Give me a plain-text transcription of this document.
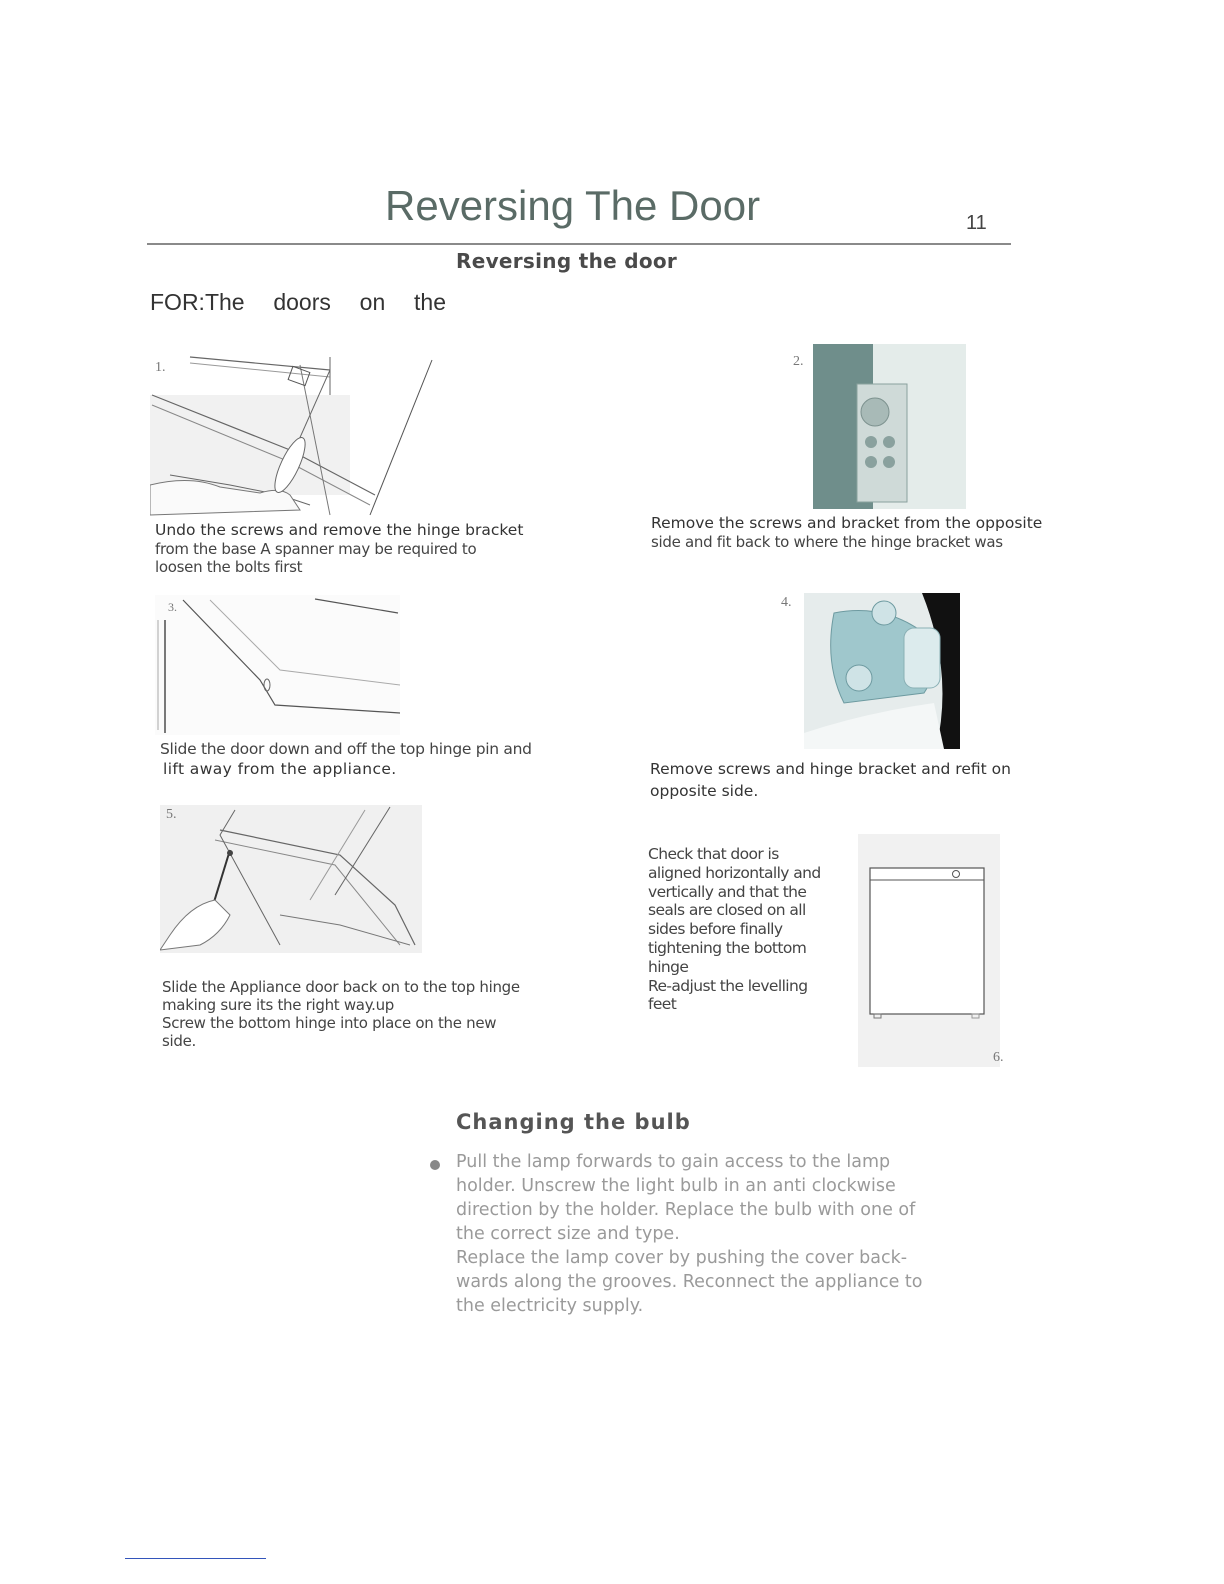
Reversing The Door	11
Reversing the door
FOR:The  doors  on  the
1.
Undo the screws and remove the hinge bracket
from the base A spanner may be required to
loosen the bolts first
2.
Remove the screws and bracket from the opposite
side and fit back to where the hinge bracket was
3.
Slide the door down and off the top hinge pin and
lift away from the appliance.
4.
Remove screws and hinge bracket and refit on
opposite side.
5.
Slide the Appliance door back on to the top hinge
making sure its the right way.up
Screw the bottom hinge into place on the new
side.
Check that door is
aligned horizontally and
vertically and that the
seals are closed on all
sides before finally
tightening the bottom
hinge
Re-adjust the levelling
feet
6.
Changing the bulb
Pull the lamp forwards to gain access to the lamp
holder. Unscrew the light bulb in an anti clockwise
direction by the holder. Replace the bulb with one of
the correct size and type.
Replace the lamp cover by pushing the cover back-
wards along the grooves. Reconnect the appliance to
the electricity supply.
